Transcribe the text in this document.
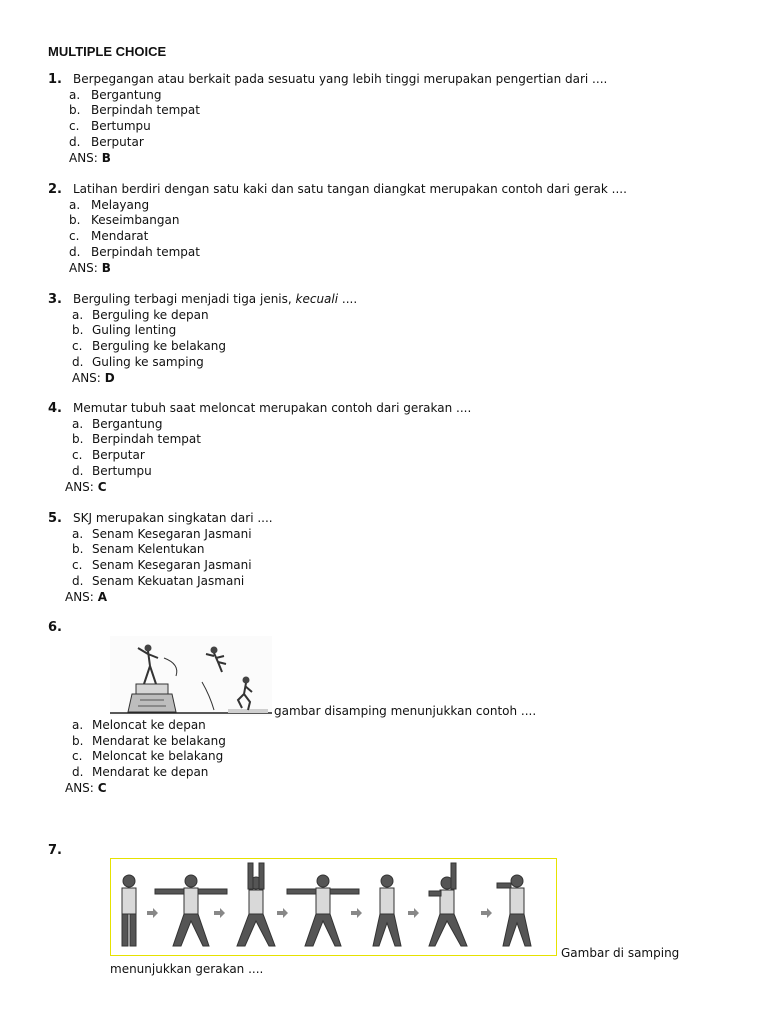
MULTIPLE CHOICE
1. Berpegangan atau berkait pada sesuatu yang lebih tinggi merupakan pengertian dari ....
a. Bergantung
b. Berpindah tempat
c. Bertumpu
d. Berputar
ANS: B
2. Latihan berdiri dengan satu kaki dan satu tangan diangkat merupakan contoh dari gerak ....
a. Melayang
b. Keseimbangan
c. Mendarat
d. Berpindah tempat
ANS: B
3. Berguling terbagi menjadi tiga jenis, kecuali ....
a. Berguling ke depan
b. Guling lenting
c. Berguling ke belakang
d. Guling ke samping
ANS: D
4. Memutar tubuh saat meloncat merupakan contoh dari gerakan ....
a. Bergantung
b. Berpindah tempat
c. Berputar
d. Bertumpu
ANS: C
5. SKJ merupakan singkatan dari ....
a. Senam Kesegaran Jasmani
b. Senam Kelentukan
c. Senam Kesegaran Jasmani
d. Senam Kekuatan Jasmani
ANS: A
6.
gambar disamping menunjukkan contoh ....
a. Meloncat ke depan
b. Mendarat ke belakang
c. Meloncat ke belakang
d. Mendarat ke depan
ANS: C
7.
Gambar di samping
menunjukkan gerakan ....
